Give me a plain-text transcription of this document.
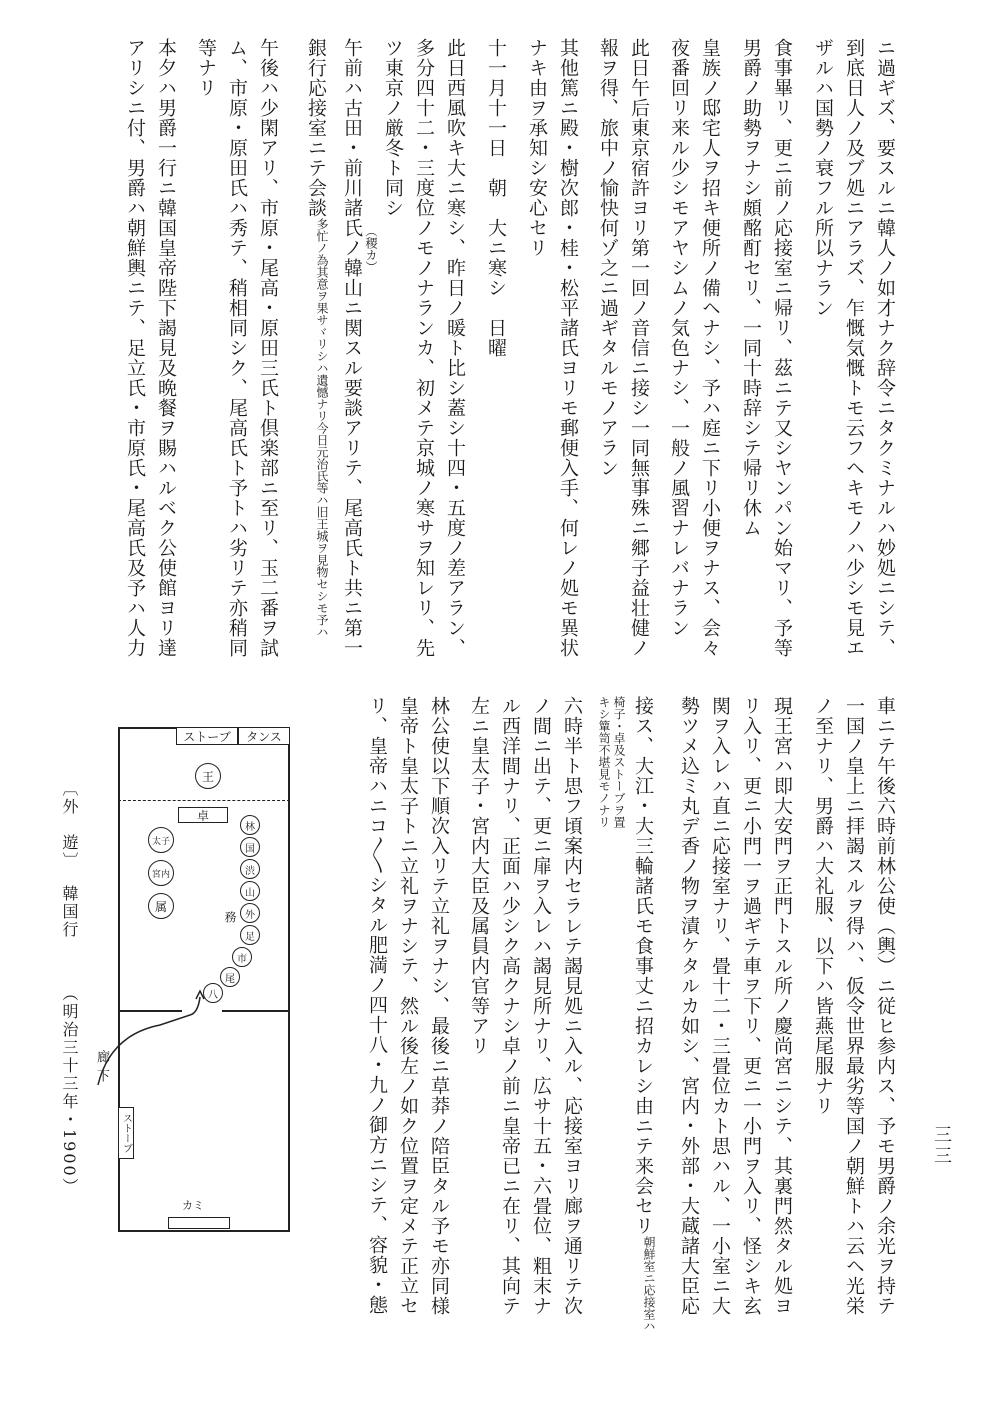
ニ過ギズ、要スルニ韓人ノ如才ナク辞令ニタクミナルハ妙処ニシテ、
到底日人ノ及ブ処ニアラズ、乍慨気慨トモ云フヘキモノハ少シモ見エ
ザルハ国勢ノ衰フル所以ナラン
食事畢リ、更ニ前ノ応接室ニ帰リ、茲ニテ又シヤンパン始マリ、予等
男爵ノ助勢ヲナシ頗酩酊セリ、一同十時辞シテ帰リ休ム
皇族ノ邸宅人ヲ招キ便所ノ備ヘナシ、予ハ庭ニ下リ小便ヲナス、会々
夜番回リ来ル少シモアヤシムノ気色ナシ、一般ノ風習ナレバナラン
此日午后東京宿許ヨリ第一回ノ音信ニ接シ一同無事殊ニ郷子益壮健ノ
報ヲ得、旅中ノ愉快何ゾ之ニ過ギタルモノアラン
其他篤ニ殿・樹次郎・桂・松平諸氏ヨリモ郵便入手、何レノ処モ異状
ナキ由ヲ承知シ安心セリ
十一月十一日　朝　大ニ寒シ　日曜
此日西風吹キ大ニ寒シ、昨日ノ暖ト比シ蓋シ十四・五度ノ差アラン、
多分四十二・三度位ノモノナランカ、初メテ京城ノ寒サヲ知レリ、先
ツ東京ノ厳冬ト同シ
午前ハ古田・前川諸氏ノ韓山ニ関スル要談アリテ、尾高氏ト共ニ第一 （稷カ）
銀行応接室ニテ会談
今日元治氏等ハ旧王城ヲ見物セシモ予ハ
多忙ノ為其意ヲ果サヾリシハ遺憾ナリ
午後ハ少閑アリ、市原・尾高・原田三氏ト倶楽部ニ至リ、玉二番ヲ試
ム、市原・原田氏ハ秀テ、稍相同シク、尾高氏ト予トハ劣リテ亦稍同
等ナリ
本夕ハ男爵一行ニ韓国皇帝陛下謁見及晩餐ヲ賜ハルベク公使館ヨリ達
アリシニ付、男爵ハ朝鮮輿ニテ、足立氏・市原氏・尾高氏及予ハ人力
車ニテ午後六時前林公使（輿）ニ従ヒ参内ス、予モ男爵ノ余光ヲ持テ
一国ノ皇上ニ拝謁スルヲ得ハ、仮令世界最劣等国ノ朝鮮トハ云ヘ光栄
ノ至ナリ、男爵ハ大礼服、以下ハ皆燕尾服ナリ
現王宮ハ即大安門ヲ正門トスル所ノ慶尚宮ニシテ、其裏門然タル処ヨ
リ入リ、更ニ小門一ヲ過ギテ車ヲ下リ、更ニ一小門ヲ入リ、怪シキ玄
関ヲ入レハ直ニ応接室ナリ、畳十二・三畳位カト思ハル、一小室ニ大
勢ツメ込ミ丸デ香ノ物ヲ漬ケタルカ如シ、宮内・外部・大蔵諸大臣応
接ス、大江・大三輪諸氏モ食事丈ニ招カレシ由ニテ来会セリ
応接室ハ
朝鮮室ニ
椅子・卓及ストーブヲ置
キシ簞笥不堪見モノナリ
六時半ト思フ頃案内セラレテ謁見処ニ入ル、応接室ヨリ廊ヲ通リテ次
ノ間ニ出テ、更ニ扉ヲ入レハ謁見所ナリ、広サ十五・六畳位、粗末ナ
ル西洋間ナリ、正面ハ少シク高クナシ卓ノ前ニ皇帝已ニ在リ、其向テ
左ニ皇太子・宮内大臣及属員内官等アリ
林公使以下順次入リテ立礼ヲナシ、最後ニ草莽ノ陪臣タル予モ亦同様
皇帝ト皇太子トニ立礼ヲナシテ、然ル後左ノ如ク位置ヲ定メテ正立セ
リ、皇帝ハニコ〳〵シタル肥満ノ四十八・九ノ御方ニシテ、容貌・態
〔外　遊〕
韓国行
（明治三十三年・1900）	三三
ストーブ	タンス
王
卓
太子
宮内
属
林
国
渋
山
外
務
足
市
尾
八
廊下
ストーブ
カミ
